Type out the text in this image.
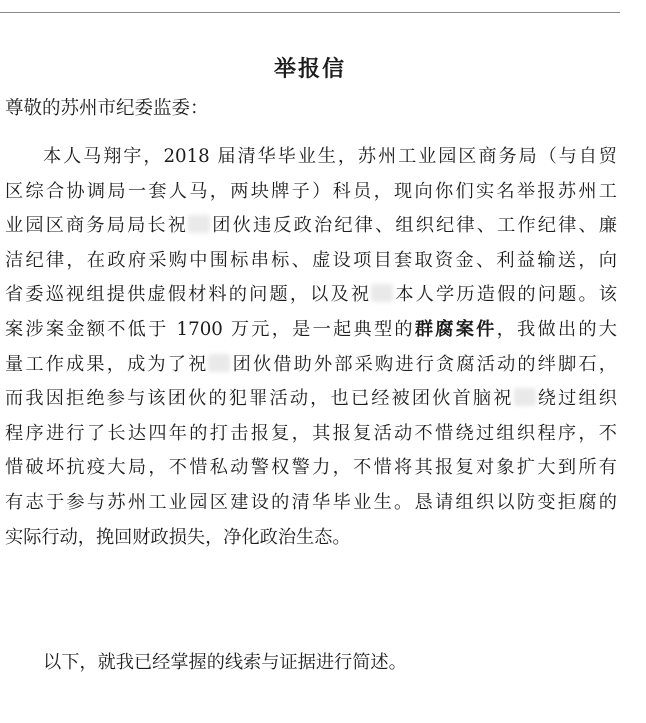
举报信

尊敬的苏州市纪委监委：

本人马翔宇，2018 届清华毕业生，苏州工业园区商务局（与自贸
区综合协调局一套人马，两块牌子）科员，现向你们实名举报苏州工
业园区商务局局长祝 团伙违反政治纪律、组织纪律、工作纪律、廉
洁纪律，在政府采购中围标串标、虚设项目套取资金、利益输送，向
省委巡视组提供虚假材料的问题，以及祝 本人学历造假的问题。该
案涉案金额不低于 1700 万元，是一起典型的群腐案件，我做出的大
量工作成果，成为了祝 团伙借助外部采购进行贪腐活动的绊脚石，
而我因拒绝参与该团伙的犯罪活动，也已经被团伙首脑祝 绕过组织
程序进行了长达四年的打击报复，其报复活动不惜绕过组织程序，不
惜破坏抗疫大局，不惜私动警权警力，不惜将其报复对象扩大到所有
有志于参与苏州工业园区建设的清华毕业生。恳请组织以防变拒腐的
实际行动，挽回财政损失，净化政治生态。

以下，就我已经掌握的线索与证据进行简述。
